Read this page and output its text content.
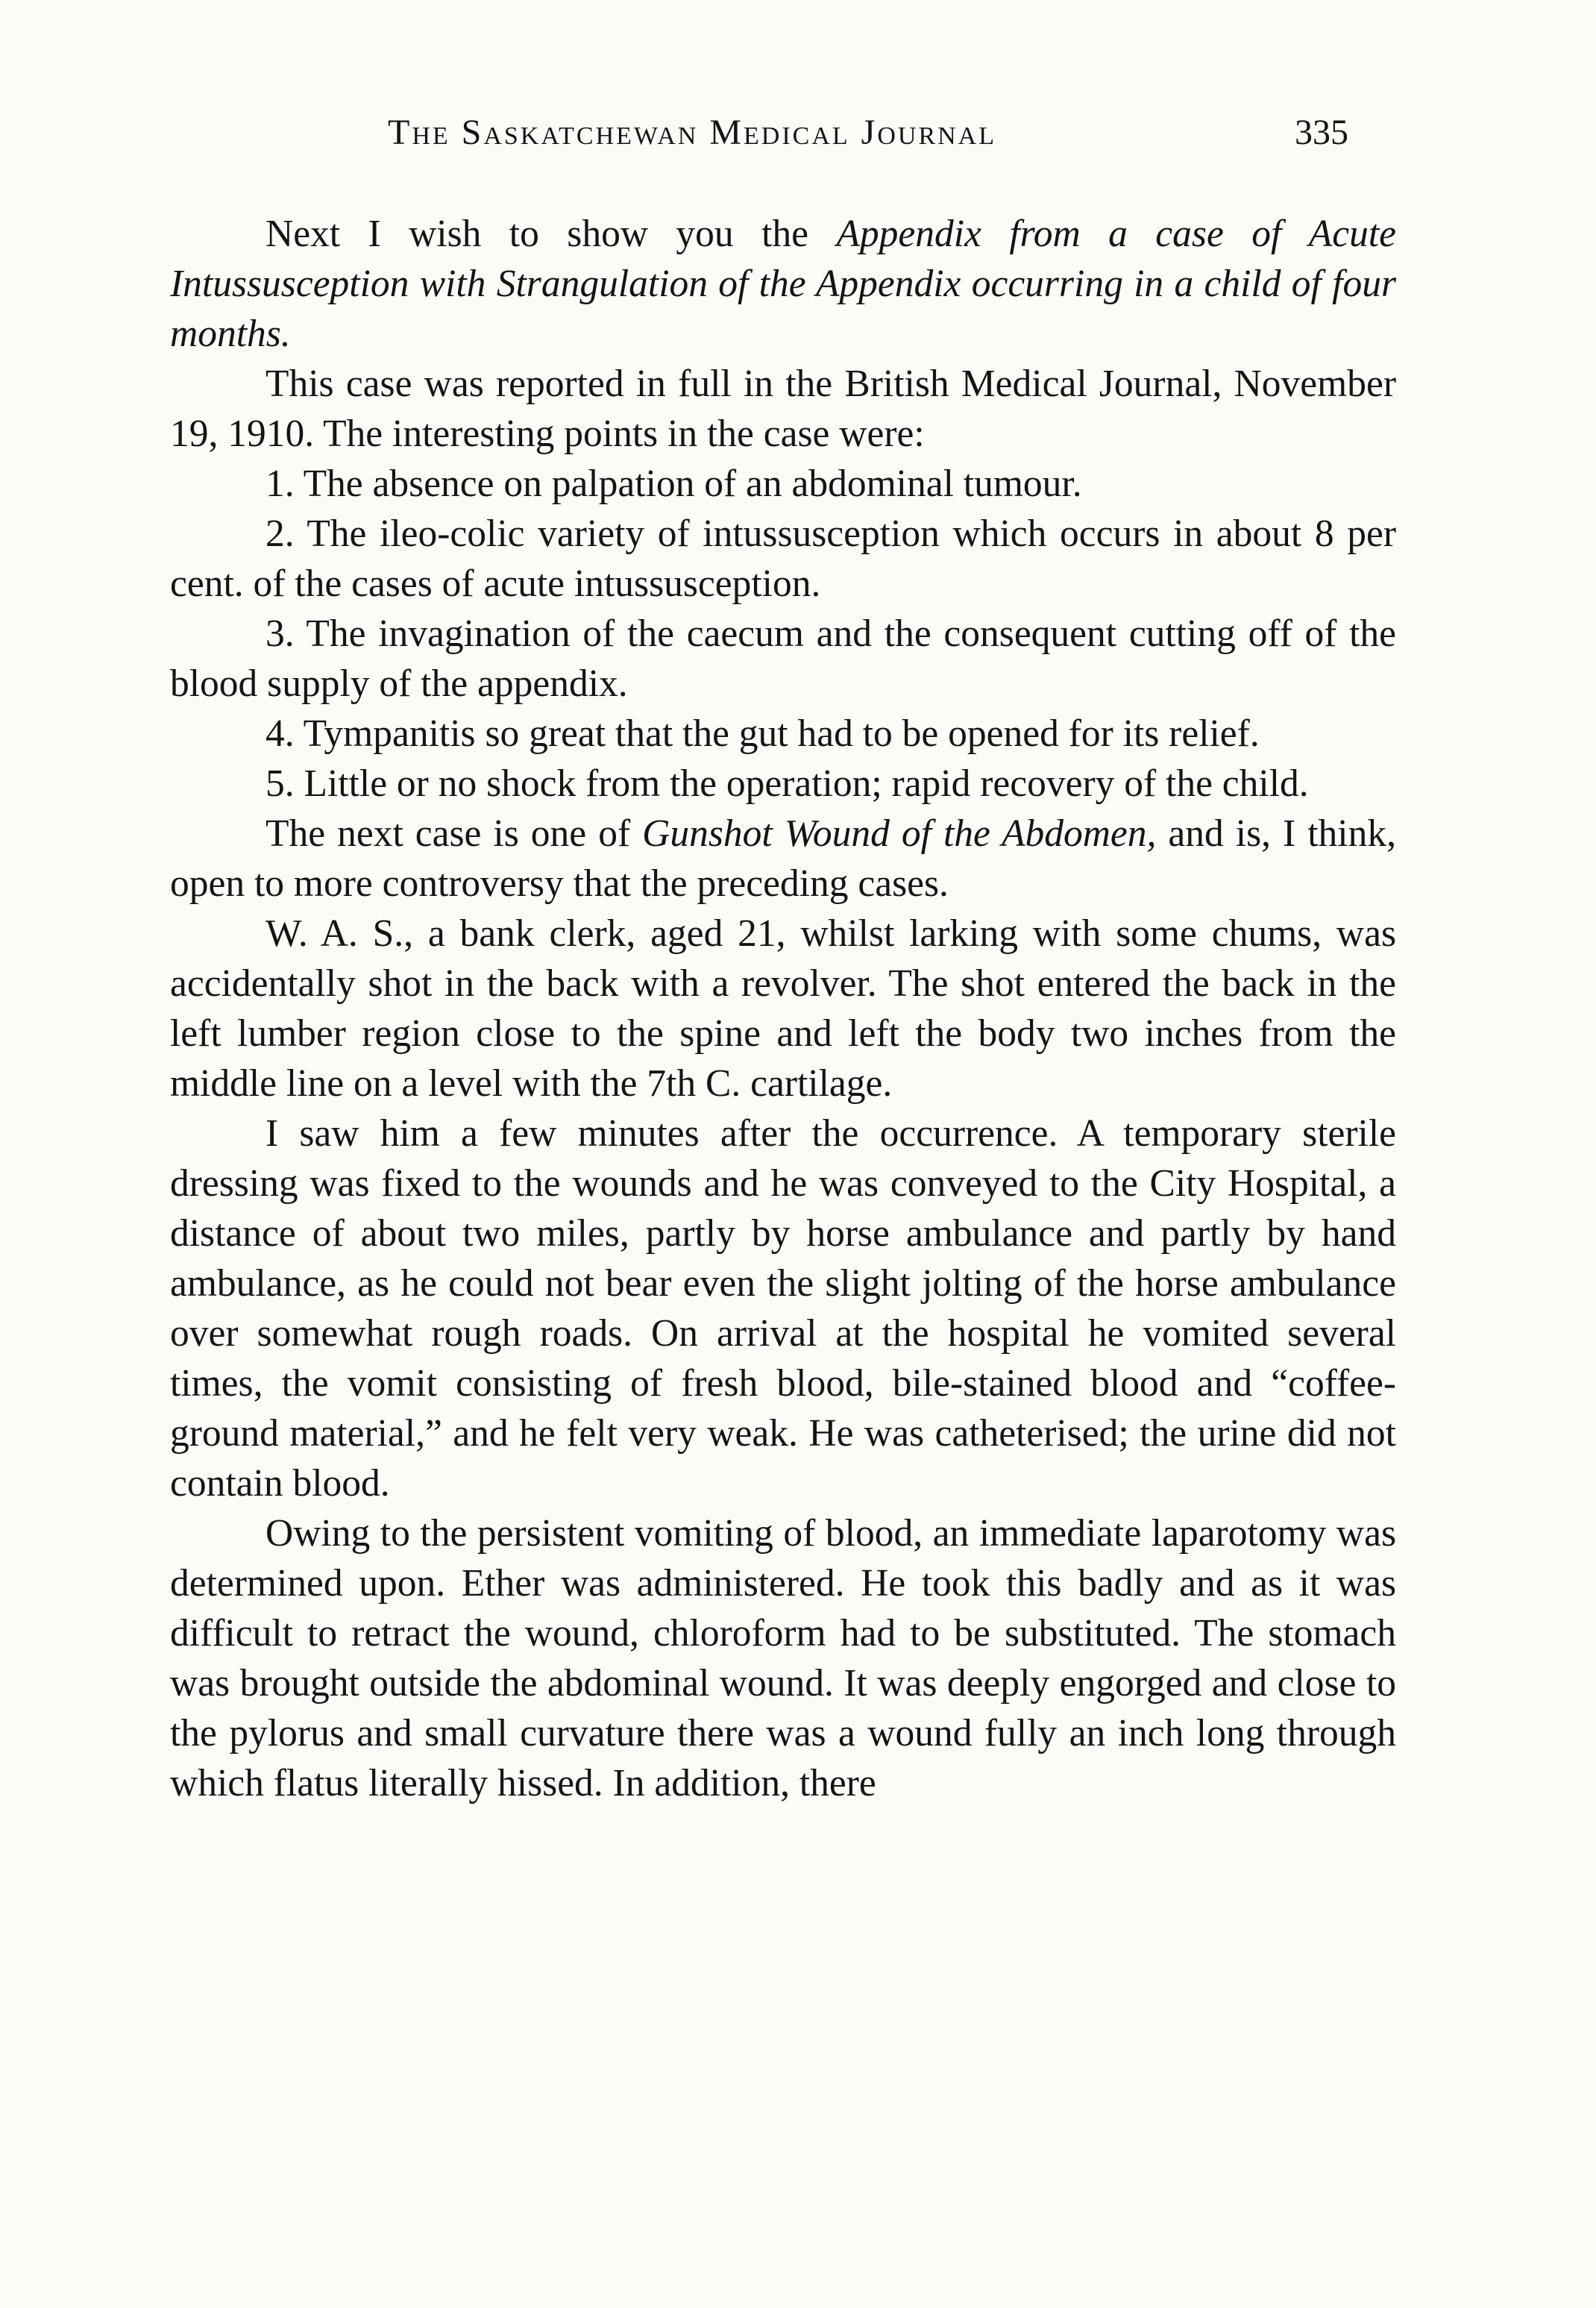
The Saskatchewan Medical Journal	335

Next I wish to show you the Appendix from a case of Acute Intussusception with Strangulation of the Appendix occurring in a child of four months.

This case was reported in full in the British Medical Journal, November 19, 1910. The interesting points in the case were:

1. The absence on palpation of an abdominal tumour.

2. The ileo-colic variety of intussusception which occurs in about 8 per cent. of the cases of acute intussusception.

3. The invagination of the caecum and the consequent cutting off of the blood supply of the appendix.

4. Tympanitis so great that the gut had to be opened for its relief.

5. Little or no shock from the operation; rapid recovery of the child.

The next case is one of Gunshot Wound of the Abdomen, and is, I think, open to more controversy that the preceding cases.

W. A. S., a bank clerk, aged 21, whilst larking with some chums, was accidentally shot in the back with a revolver. The shot entered the back in the left lumber region close to the spine and left the body two inches from the middle line on a level with the 7th C. cartilage.

I saw him a few minutes after the occurrence. A temporary sterile dressing was fixed to the wounds and he was conveyed to the City Hospital, a distance of about two miles, partly by horse ambulance and partly by hand ambulance, as he could not bear even the slight jolting of the horse ambulance over somewhat rough roads. On arrival at the hospital he vomited several times, the vomit consisting of fresh blood, bile-stained blood and “coffee-ground material,” and he felt very weak. He was catheterised; the urine did not contain blood.

Owing to the persistent vomiting of blood, an immediate laparotomy was determined upon. Ether was administered. He took this badly and as it was difficult to retract the wound, chloroform had to be substituted. The stomach was brought outside the abdominal wound. It was deeply engorged and close to the pylorus and small curvature there was a wound fully an inch long through which flatus literally hissed. In addition, there
